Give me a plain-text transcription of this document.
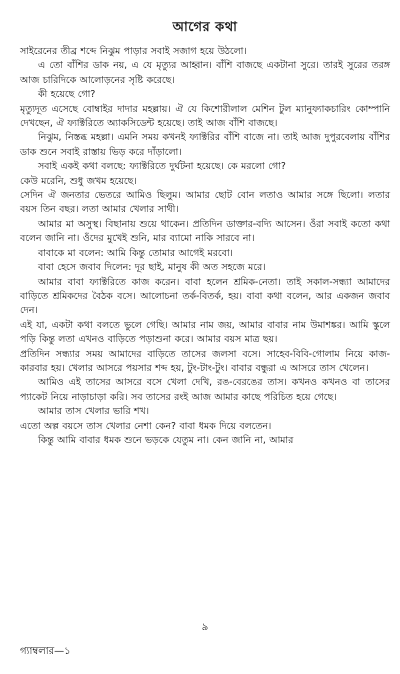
আগের কথা

সাইরেনের তীব্র শব্দে নিঝুম পাড়ার সবাই সজাগ হয়ে উঠলো।

এ তো বাঁশির ডাক নয়, এ যে মৃত্যুর আহ্বান। বাঁশি বাজছে একটানা সুরে। তারই সুরের তরঙ্গ আজ চারিদিকে আলোড়নের সৃষ্টি করেছে।

কী হয়েছে গো?

মৃত্যুদূত এসেছে বোম্বাইর দাদার মহল্লায়। ঐ যে কিশোরীলাল মেশিন টুল ম্যানুফ্যাকচারিং কোম্পানি দেখছেন, ঐ ফ্যাক্টরিতে অ্যাকসিডেন্ট হয়েছে। তাই আজ বাঁশি বাজছে।

নিঝুম, নিস্তব্ধ মহল্লা। এমনি সময় কখনই ফ্যাক্টরির বাঁশি বাজে না। তাই আজ দুপুরবেলায় বাঁশির ডাক শুনে সবাই রাস্তায় ভিড় করে দাঁড়ালো।

সবাই একই কথা বলছে: ফ্যাক্টরিতে দুর্ঘটনা হয়েছে। কে মরলো গো?

কেউ মরেনি, শুধু জখম হয়েছে।

সেদিন ঐ জনতার ভেতরে আমিও ছিলুম। আমার ছোট বোন লতাও আমার সঙ্গে ছিলো। লতার বয়স তিন বছর। লতা আমার খেলার সাথী।

আমার মা অসুস্থ। বিছানায় শুয়ে থাকেন। প্রতিদিন ডাক্তার-বদ্যি আসেন। ওঁরা সবাই কতো কথা বলেন জানি না। ওঁদের মুখেই শুনি, মার ব্যামো নাকি সারবে না।

বাবাকে মা বলেন: আমি কিন্তু তোমার আগেই মরবো।

বাবা হেসে জবাব দিলেন: দূর ছাই, মানুষ কী অত সহজে মরে।

আমার বাবা ফ্যাক্টরিতে কাজ করেন। বাবা হলেন শ্রমিক-নেতা। তাই সকাল-সন্ধ্যা আমাদের বাড়িতে শ্রমিকদের বৈঠক বসে। আলোচনা তর্ক-বিতর্ক, হয়। বাবা কথা বলেন, আর একজন জবাব দেন।

এই যা, একটা কথা বলতে ভুলে গেছি। আমার নাম জয়, আমার বাবার নাম উমাশঙ্কর। আমি স্কুলে পড়ি কিন্তু লতা এখনও বাড়িতে পড়াশুনা করে। আমার বয়স মাত্র ছয়।

প্রতিদিন সন্ধ্যার সময় আমাদের বাড়িতে তাসের জলসা বসে। সাহেব-বিবি-গোলাম নিয়ে কাজ-কারবার হয়। খেলার আসরে পয়সার শব্দ হয়, টুং-টাং-টুং। বাবার বন্ধুরা এ আসরে তাস খেলেন।

আমিও এই তাসের আসরে বসে খেলা দেখি, রঙ-বেরঙের তাস। কখনও কখনও বা তাসের প্যাকেট নিয়ে নাড়াচাড়া করি। সব তাসের রংই আজ আমার কাছে পরিচিত হয়ে গেছে।

আমার তাস খেলার ভারি শখ।

এতো অল্প বয়সে তাস খেলার নেশা কেন? বাবা ধমক দিয়ে বলতেন।

কিন্তু আমি বাবার ধমক শুনে ভড়কে যেতুম না। কেন জানি না, আমার

৯
গ্যাম্বলার—১
